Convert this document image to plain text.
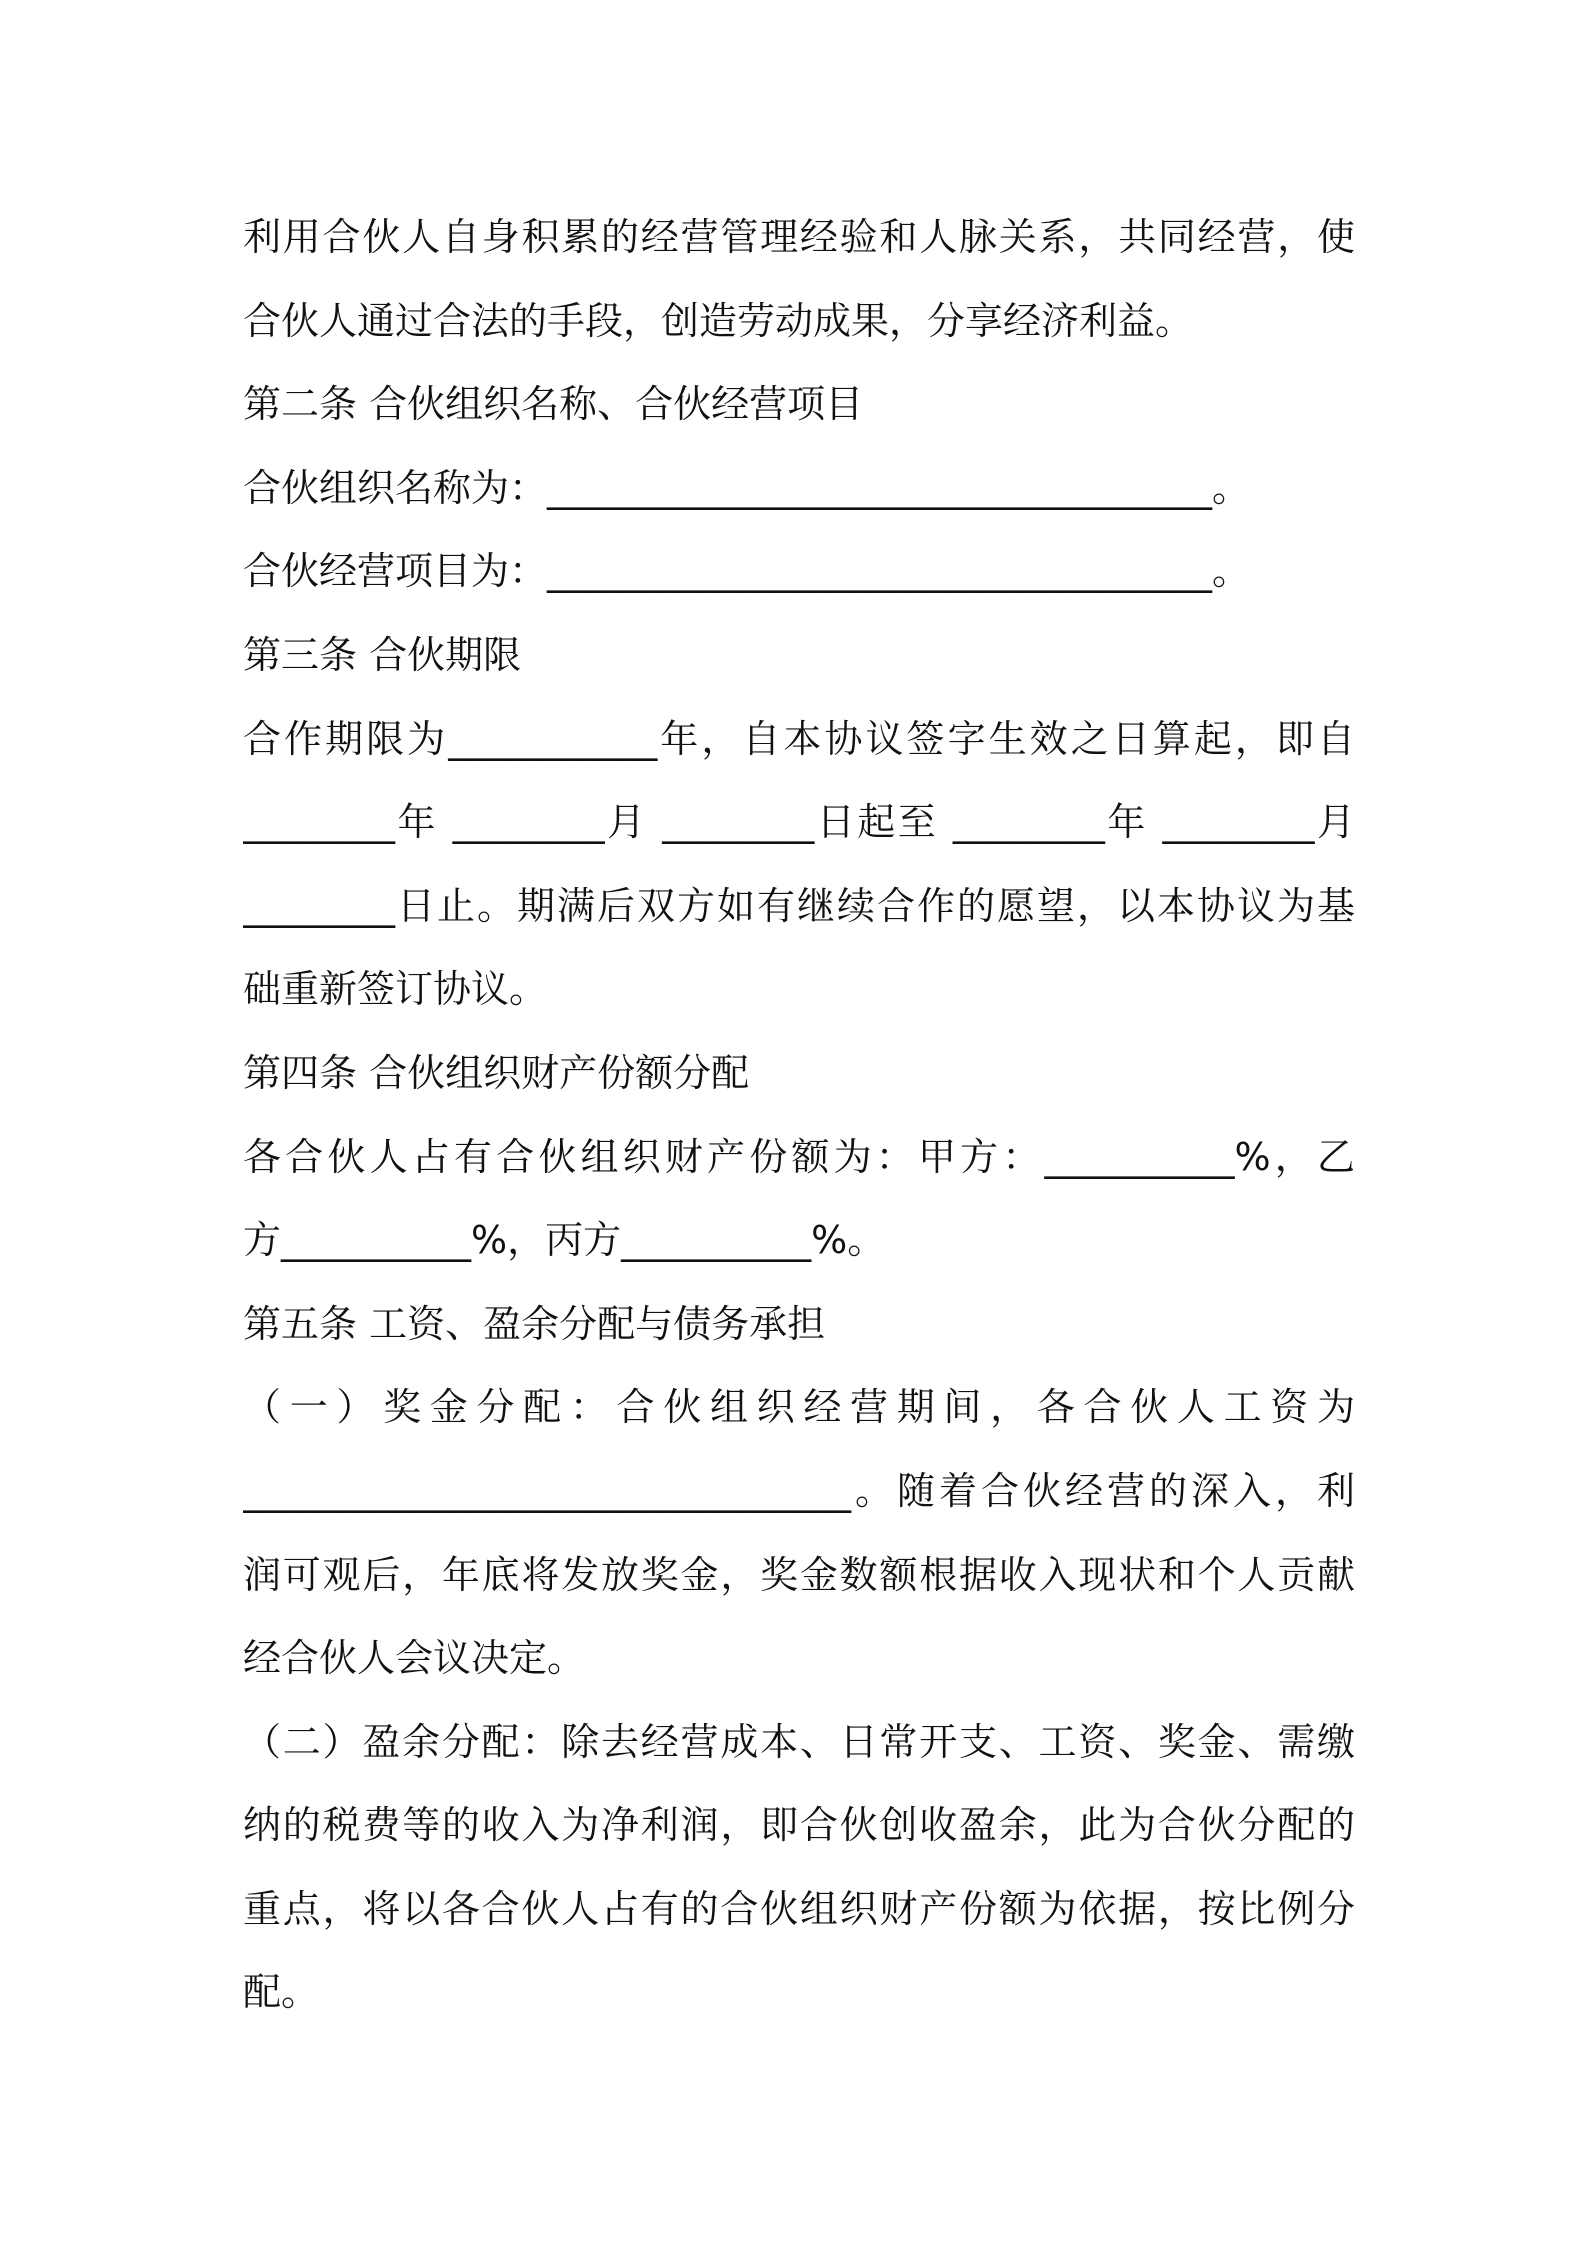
利用合伙人自身积累的经营管理经验和人脉关系，共同经营，使
合伙人通过合法的手段，创造劳动成果，分享经济利益。
第二条 合伙组织名称、合伙经营项目
合伙组织名称为：___________________________________。
合伙经营项目为：___________________________________。
第三条 合伙期限
合作期限为___________年，自本协议签字生效之日算起，即自
________年 ________月 ________日起至 ________年 ________月
________日止。期满后双方如有继续合作的愿望，以本协议为基
础重新签订协议。
第四条 合伙组织财产份额分配
各合伙人占有合伙组织财产份额为：甲方：__________%，乙
方__________%，丙方__________%。
第五条 工资、盈余分配与债务承担
（一）奖金分配：合伙组织经营期间，各合伙人工资为
________________________________。随着合伙经营的深入，利
润可观后，年底将发放奖金，奖金数额根据收入现状和个人贡献
经合伙人会议决定。
（二）盈余分配：除去经营成本、日常开支、工资、奖金、需缴
纳的税费等的收入为净利润，即合伙创收盈余，此为合伙分配的
重点，将以各合伙人占有的合伙组织财产份额为依据，按比例分
配。
